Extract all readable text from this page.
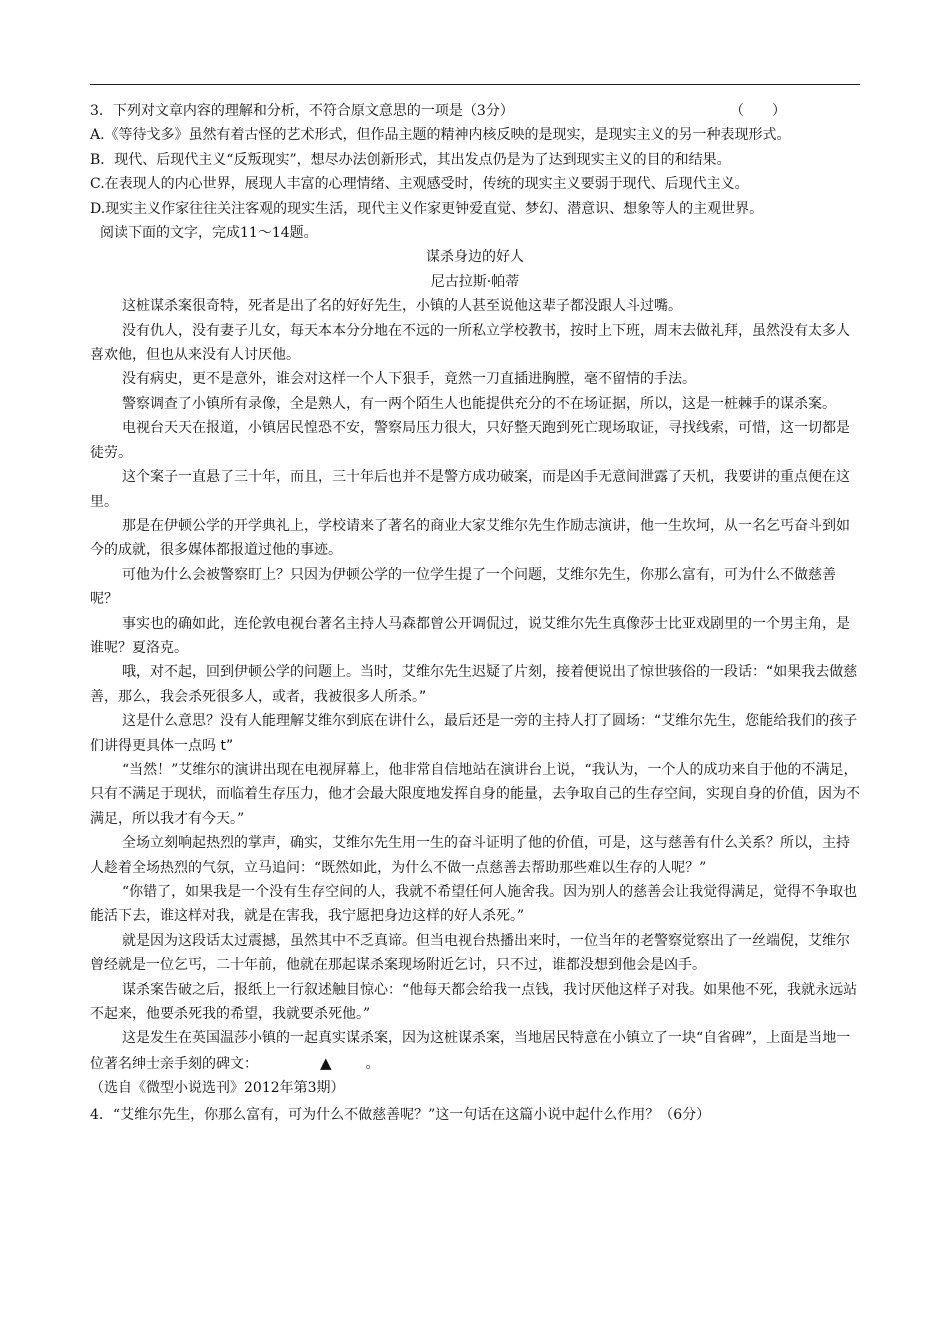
3．下列对文章内容的理解和分析，不符合原文意思的一项是（3分）	（　　）
A.《等待戈多》虽然有着古怪的艺术形式，但作品主题的精神内核反映的是现实，是现实主义的另一种表现形式。
B．现代、后现代主义“反叛现实”，想尽办法创新形式，其出发点仍是为了达到现实主义的目的和结果。
C.在表现人的内心世界，展现人丰富的心理情绪、主观感受时，传统的现实主义要弱于现代、后现代主义。
D.现实主义作家往往关注客观的现实生活，现代主义作家更钟爱直觉、梦幻、潜意识、想象等人的主观世界。
阅读下面的文字，完成11～14题。
谋杀身边的好人
尼古拉斯·帕蒂
这桩谋杀案很奇特，死者是出了名的好好先生，小镇的人甚至说他这辈子都没跟人斗过嘴。
没有仇人，没有妻子儿女，每天本本分分地在不远的一所私立学校教书，按时上下班，周末去做礼拜，虽然没有太多人喜欢他，但也从来没有人讨厌他。
没有病史，更不是意外，谁会对这样一个人下狠手，竟然一刀直插进胸膛，毫不留情的手法。
警察调查了小镇所有录像，全是熟人，有一两个陌生人也能提供充分的不在场证据，所以，这是一桩棘手的谋杀案。
电视台天天在报道，小镇居民惶恐不安，警察局压力很大，只好整天跑到死亡现场取证，寻找线索，可惜，这一切都是徒劳。
这个案子一直悬了三十年，而且，三十年后也并不是警方成功破案，而是凶手无意间泄露了天机，我要讲的重点便在这里。
那是在伊顿公学的开学典礼上，学校请来了著名的商业大家艾维尔先生作励志演讲，他一生坎坷，从一名乞丐奋斗到如今的成就，很多媒体都报道过他的事迹。
可他为什么会被警察盯上？只因为伊顿公学的一位学生提了一个问题，艾维尔先生，你那么富有，可为什么不做慈善呢？
事实也的确如此，连伦敦电视台著名主持人马森都曾公开调侃过，说艾维尔先生真像莎士比亚戏剧里的一个男主角，是谁呢？夏洛克。
哦，对不起，回到伊顿公学的问题上。当时，艾维尔先生迟疑了片刻，接着便说出了惊世骇俗的一段话：“如果我去做慈善，那么，我会杀死很多人，或者，我被很多人所杀。”
这是什么意思？没有人能理解艾维尔到底在讲什么，最后还是一旁的主持人打了圆场：“艾维尔先生，您能给我们的孩子们讲得更具体一点吗 t”
“当然！”艾维尔的演讲出现在电视屏幕上，他非常自信地站在演讲台上说，“我认为，一个人的成功来自于他的不满足，只有不满足于现状，而临着生存压力，他才会最大限度地发挥自身的能量，去争取自己的生存空间，实现自身的价值，因为不满足，所以我才有今天。”
全场立刻响起热烈的掌声，确实，艾维尔先生用一生的奋斗证明了他的价值，可是，这与慈善有什么关系？所以，主持人趁着全场热烈的气氛，立马追问：“既然如此，为什么不做一点慈善去帮助那些难以生存的人呢？”
“你错了，如果我是一个没有生存空间的人，我就不希望任何人施舍我。因为别人的慈善会让我觉得满足，觉得不争取也能活下去，谁这样对我，就是在害我，我宁愿把身边这样的好人杀死。”
就是因为这段话太过震撼，虽然其中不乏真谛。但当电视台热播出来时，一位当年的老警察觉察出了一丝端倪，艾维尔曾经就是一位乞丐，二十年前，他就在那起谋杀案现场附近乞讨，只不过，谁都没想到他会是凶手。
谋杀案告破之后，报纸上一行叙述触目惊心：“他每天都会给我一点钱，我讨厌他这样子对我。如果他不死，我就永远站不起来，他要杀死我的希望，我就要杀死他。”
这是发生在英国温莎小镇的一起真实谋杀案，因为这桩谋杀案，当地居民特意在小镇立了一块“自省碑”，上面是当地一位著名绅士亲手刻的碑文：	▲ 。
（选自《微型小说选刊》2012年第3期）
4．“艾维尔先生，你那么富有，可为什么不做慈善呢？”这一句话在这篇小说中起什么作用？（6分）
